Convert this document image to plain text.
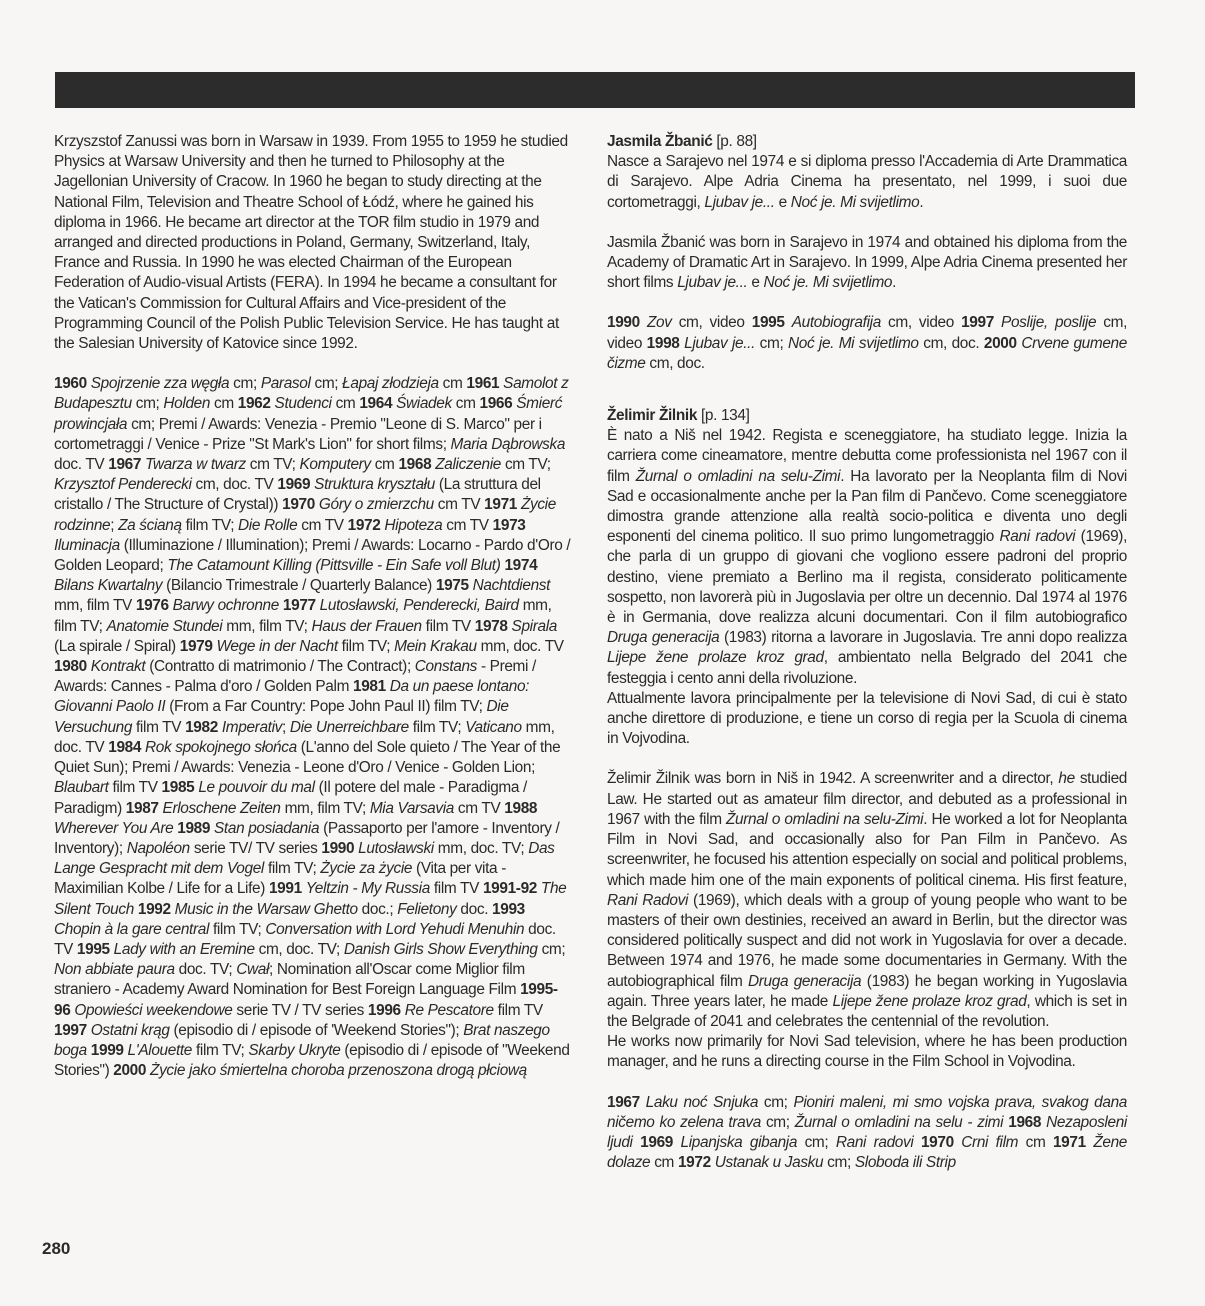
Krzyszstof Zanussi was born in Warsaw in 1939. From 1955 to 1959 he studied Physics at Warsaw University and then he turned to Philosophy at the Jagellonian University of Cracow. In 1960 he began to study directing at the National Film, Television and Theatre School of Łódź, where he gained his diploma in 1966. He became art director at the TOR film studio in 1979 and arranged and directed productions in Poland, Germany, Switzerland, Italy, France and Russia. In 1990 he was elected Chairman of the European Federation of Audio-visual Artists (FERA). In 1994 he became a consultant for the Vatican's Commission for Cultural Affairs and Vice-president of the Programming Council of the Polish Public Television Service. He has taught at the Salesian University of Katovice since 1992.

1960 Spojrzenie zza węgła cm; Parasol cm; Łapaj złodzieja cm 1961 Samolot z Budapesztu cm; Holden cm 1962 Studenci cm 1964 Świadek cm 1966 Śmierć prowincjała cm; Premi / Awards: Venezia - Premio "Leone di S. Marco" per i cortometraggi / Venice - Prize "St Mark's Lion" for short films; Maria Dąbrowska doc. TV 1967 Twarza w twarz cm TV; Komputery cm 1968 Zaliczenie cm TV; Krzysztof Penderecki cm, doc. TV 1969 Struktura kryształu (La struttura del cristallo / The Structure of Crystal)) 1970 Góry o zmierzchu cm TV 1971 Życie rodzinne; Za ścianą film TV; Die Rolle cm TV 1972 Hipoteza cm TV 1973 Iluminacja (Illuminazione / Illumination); Premi / Awards: Locarno - Pardo d'Oro / Golden Leopard; The Catamount Killing (Pittsville - Ein Safe voll Blut) 1974 Bilans Kwartalny (Bilancio Trimestrale / Quarterly Balance) 1975 Nachtdienst mm, film TV 1976 Barwy ochronne 1977 Lutosławski, Penderecki, Baird mm, film TV; Anatomie Stundei mm, film TV; Haus der Frauen film TV 1978 Spirala (La spirale / Spiral) 1979 Wege in der Nacht film TV; Mein Krakau mm, doc. TV 1980 Kontrakt (Contratto di matrimonio / The Contract); Constans - Premi / Awards: Cannes - Palma d'oro / Golden Palm 1981 Da un paese lontano: Giovanni Paolo II (From a Far Country: Pope John Paul II) film TV; Die Versuchung film TV 1982 Imperativ; Die Unerreichbare film TV; Vaticano mm, doc. TV 1984 Rok spokojnego słońca (L'anno del Sole quieto / The Year of the Quiet Sun); Premi / Awards: Venezia - Leone d'Oro / Venice - Golden Lion; Blaubart film TV 1985 Le pouvoir du mal (Il potere del male - Paradigma / Paradigm) 1987 Erloschene Zeiten mm, film TV; Mia Varsavia cm TV 1988 Wherever You Are 1989 Stan posiadania (Passaporto per l'amore - Inventory / Inventory); Napoléon serie TV/ TV series 1990 Lutosławski mm, doc. TV; Das Lange Gespracht mit dem Vogel film TV; Życie za życie (Vita per vita - Maximilian Kolbe / Life for a Life) 1991 Yeltzin - My Russia film TV 1991-92 The Silent Touch 1992 Music in the Warsaw Ghetto doc.; Felietony doc. 1993 Chopin à la gare central film TV; Conversation with Lord Yehudi Menuhin doc. TV 1995 Lady with an Eremine cm, doc. TV; Danish Girls Show Everything cm; Non abbiate paura doc. TV; Cwał; Nomination all'Oscar come Miglior film straniero - Academy Award Nomination for Best Foreign Language Film 1995-96 Opowieści weekendowe serie TV / TV series 1996 Re Pescatore film TV 1997 Ostatni krąg (episodio di / episode of 'Weekend Stories"); Brat naszego boga 1999 L'Alouette film TV; Skarby Ukryte (episodio di / episode of "Weekend Stories") 2000 Życie jako śmiertelna choroba przenoszona drogą płciową

Jasmila Žbanić [p. 88]

Nasce a Sarajevo nel 1974 e si diploma presso l'Accademia di Arte Drammatica di Sarajevo. Alpe Adria Cinema ha presentato, nel 1999, i suoi due cortometraggi, Ljubav je... e Noć je. Mi svijetlimo.

Jasmila Žbanić was born in Sarajevo in 1974 and obtained his diploma from the Academy of Dramatic Art in Sarajevo. In 1999, Alpe Adria Cinema presented her short films Ljubav je... e Noć je. Mi svijetlimo.

1990 Zov cm, video 1995 Autobiografija cm, video 1997 Poslije, poslije cm, video 1998 Ljubav je... cm; Noć je. Mi svijetlimo cm, doc. 2000 Crvene gumene čizme cm, doc.

Želimir Žilnik [p. 134]

È nato a Niš nel 1942. Regista e sceneggiatore, ha studiato legge. Inizia la carriera come cineamatore, mentre debutta come professionista nel 1967 con il film Žurnal o omladini na selu-Zimi. Ha lavorato per la Neoplanta film di Novi Sad e occasionalmente anche per la Pan film di Pančevo. Come sceneggiatore dimostra grande attenzione alla realtà socio-politica e diventa uno degli esponenti del cinema politico. Il suo primo lungometraggio Rani radovi (1969), che parla di un gruppo di giovani che vogliono essere padroni del proprio destino, viene premiato a Berlino ma il regista, considerato politicamente sospetto, non lavorerà più in Jugoslavia per oltre un decennio. Dal 1974 al 1976 è in Germania, dove realizza alcuni documentari. Con il film autobiografico Druga generacija (1983) ritorna a lavorare in Jugoslavia. Tre anni dopo realizza Lijepe žene prolaze kroz grad, ambientato nella Belgrado del 2041 che festeggia i cento anni della rivoluzione.

Attualmente lavora principalmente per la televisione di Novi Sad, di cui è stato anche direttore di produzione, e tiene un corso di regia per la Scuola di cinema in Vojvodina.

Želimir Žilnik was born in Niš in 1942. A screenwriter and a director, he studied Law. He started out as amateur film director, and debuted as a professional in 1967 with the film Žurnal o omladini na selu-Zimi. He worked a lot for Neoplanta Film in Novi Sad, and occasionally also for Pan Film in Pančevo. As screenwriter, he focused his attention especially on social and political problems, which made him one of the main exponents of political cinema. His first feature, Rani Radovi (1969), which deals with a group of young people who want to be masters of their own destinies, received an award in Berlin, but the director was considered politically suspect and did not work in Yugoslavia for over a decade. Between 1974 and 1976, he made some documentaries in Germany. With the autobiographical film Druga generacija (1983) he began working in Yugoslavia again. Three years later, he made Lijepe žene prolaze kroz grad, which is set in the Belgrade of 2041 and celebrates the centennial of the revolution.

He works now primarily for Novi Sad television, where he has been production manager, and he runs a directing course in the Film School in Vojvodina.

1967 Laku noć Snjuka cm; Pioniri maleni, mi smo vojska prava, svakog dana ničemo ko zelena trava cm; Žurnal o omladini na selu - zimi 1968 Nezaposleni ljudi 1969 Lipanjska gibanja cm; Rani radovi 1970 Crni film cm 1971 Žene dolaze cm 1972 Ustanak u Jasku cm; Sloboda ili Strip

280
